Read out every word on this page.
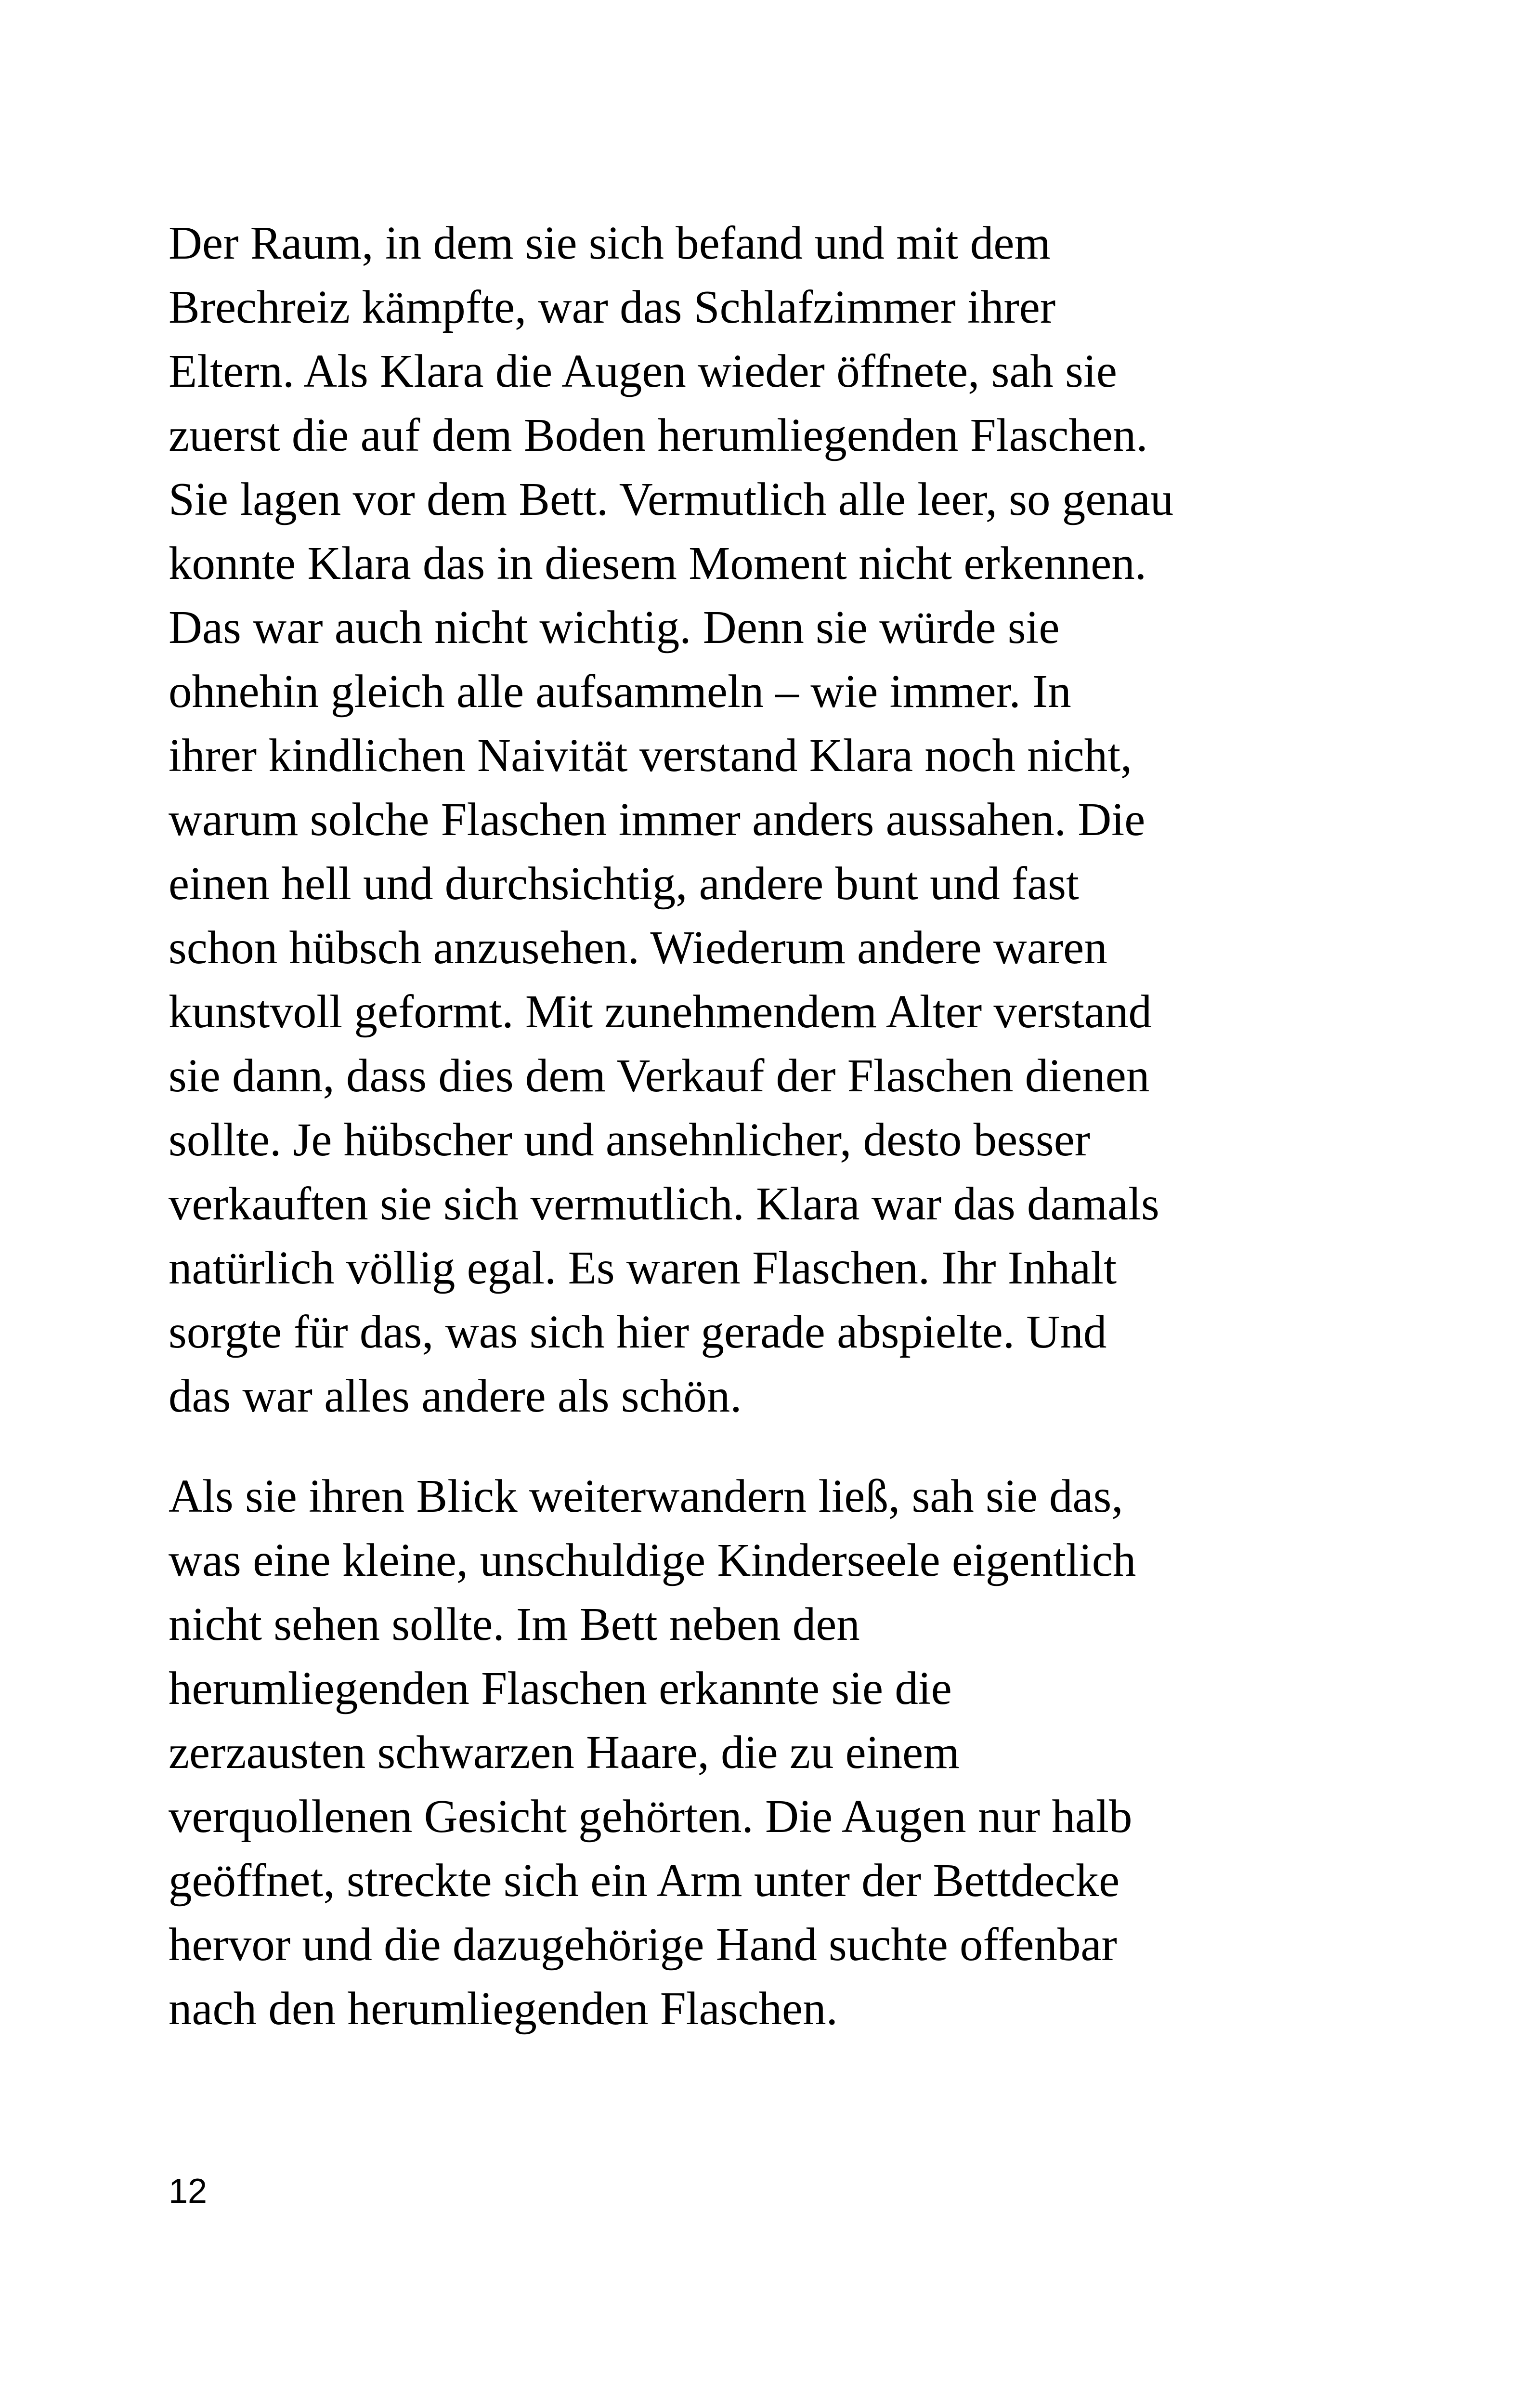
Der Raum, in dem sie sich befand und mit dem
Brechreiz kämpfte, war das Schlafzimmer ihrer
Eltern. Als Klara die Augen wieder öffnete, sah sie
zuerst die auf dem Boden herumliegenden Flaschen.
Sie lagen vor dem Bett. Vermutlich alle leer, so genau
konnte Klara das in diesem Moment nicht erkennen.
Das war auch nicht wichtig. Denn sie würde sie
ohnehin gleich alle aufsammeln – wie immer. In
ihrer kindlichen Naivität verstand Klara noch nicht,
warum solche Flaschen immer anders aussahen. Die
einen hell und durchsichtig, andere bunt und fast
schon hübsch anzusehen. Wiederum andere waren
kunstvoll geformt. Mit zunehmendem Alter verstand
sie dann, dass dies dem Verkauf der Flaschen dienen
sollte. Je hübscher und ansehnlicher, desto besser
verkauften sie sich vermutlich. Klara war das damals
natürlich völlig egal. Es waren Flaschen. Ihr Inhalt
sorgte für das, was sich hier gerade abspielte. Und
das war alles andere als schön.
Als sie ihren Blick weiterwandern ließ, sah sie das,
was eine kleine, unschuldige Kinderseele eigentlich
nicht sehen sollte. Im Bett neben den
herumliegenden Flaschen erkannte sie die
zerzausten schwarzen Haare, die zu einem
verquollenen Gesicht gehörten. Die Augen nur halb
geöffnet, streckte sich ein Arm unter der Bettdecke
hervor und die dazugehörige Hand suchte offenbar
nach den herumliegenden Flaschen.
12
